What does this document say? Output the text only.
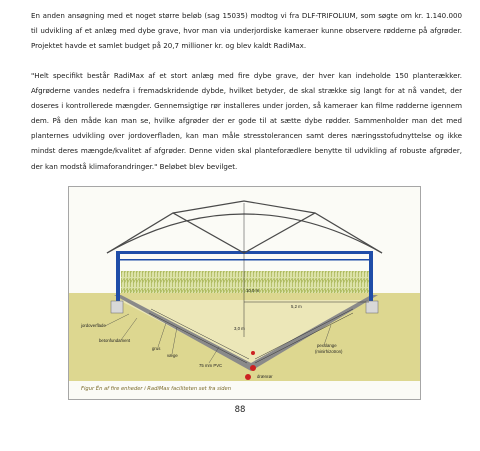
En anden ansøgning med et noget større beløb (sag 15035) modtog vi fra DLF-TRIFOLIUM, som søgte om kr. 1.140.000 til udvikling af et anlæg med dybe grave, hvor man via underjordiske kameraer kunne observere rødderne på afgrøder. Projektet havde et samlet budget på 20,7 millioner kr. og blev kaldt RadiMax.

"Helt specifikt består RadiMax af et stort anlæg med fire dybe grave, der hver kan indeholde 150 planterækker. Afgrøderne vandes nedefra i fremadskridende dybde, hvilket betyder, de skal strække sig langt for at nå vandet, der doseres i kontrollerede mængder. Gennemsigtige rør installeres under jorden, så kameraer kan filme rødderne igennem dem. På den måde kan man se, hvilke afgrøder der er gode til at sætte dybe rødder. Sammenholder man det med planternes udvikling over jordoverfladen, kan man måle stresstolerancen samt deres næringsstofudnyttelse og ikke mindst deres mængde/kvalitet af afgrøder. Denne viden skal planteforædlere benytte til udvikling af robuste afgrøder, der kan modstå klimaforandringer." Beløbet blev bevilget.

10,0 m
5,2 m
3,0 m
jordoverflade
betonfundament
grus
væge
75 mm PVC
drænrør
pexslange
(minirhizotron)
Figur Én af fire enheder i RadiMax faciliteten set fra siden
88
